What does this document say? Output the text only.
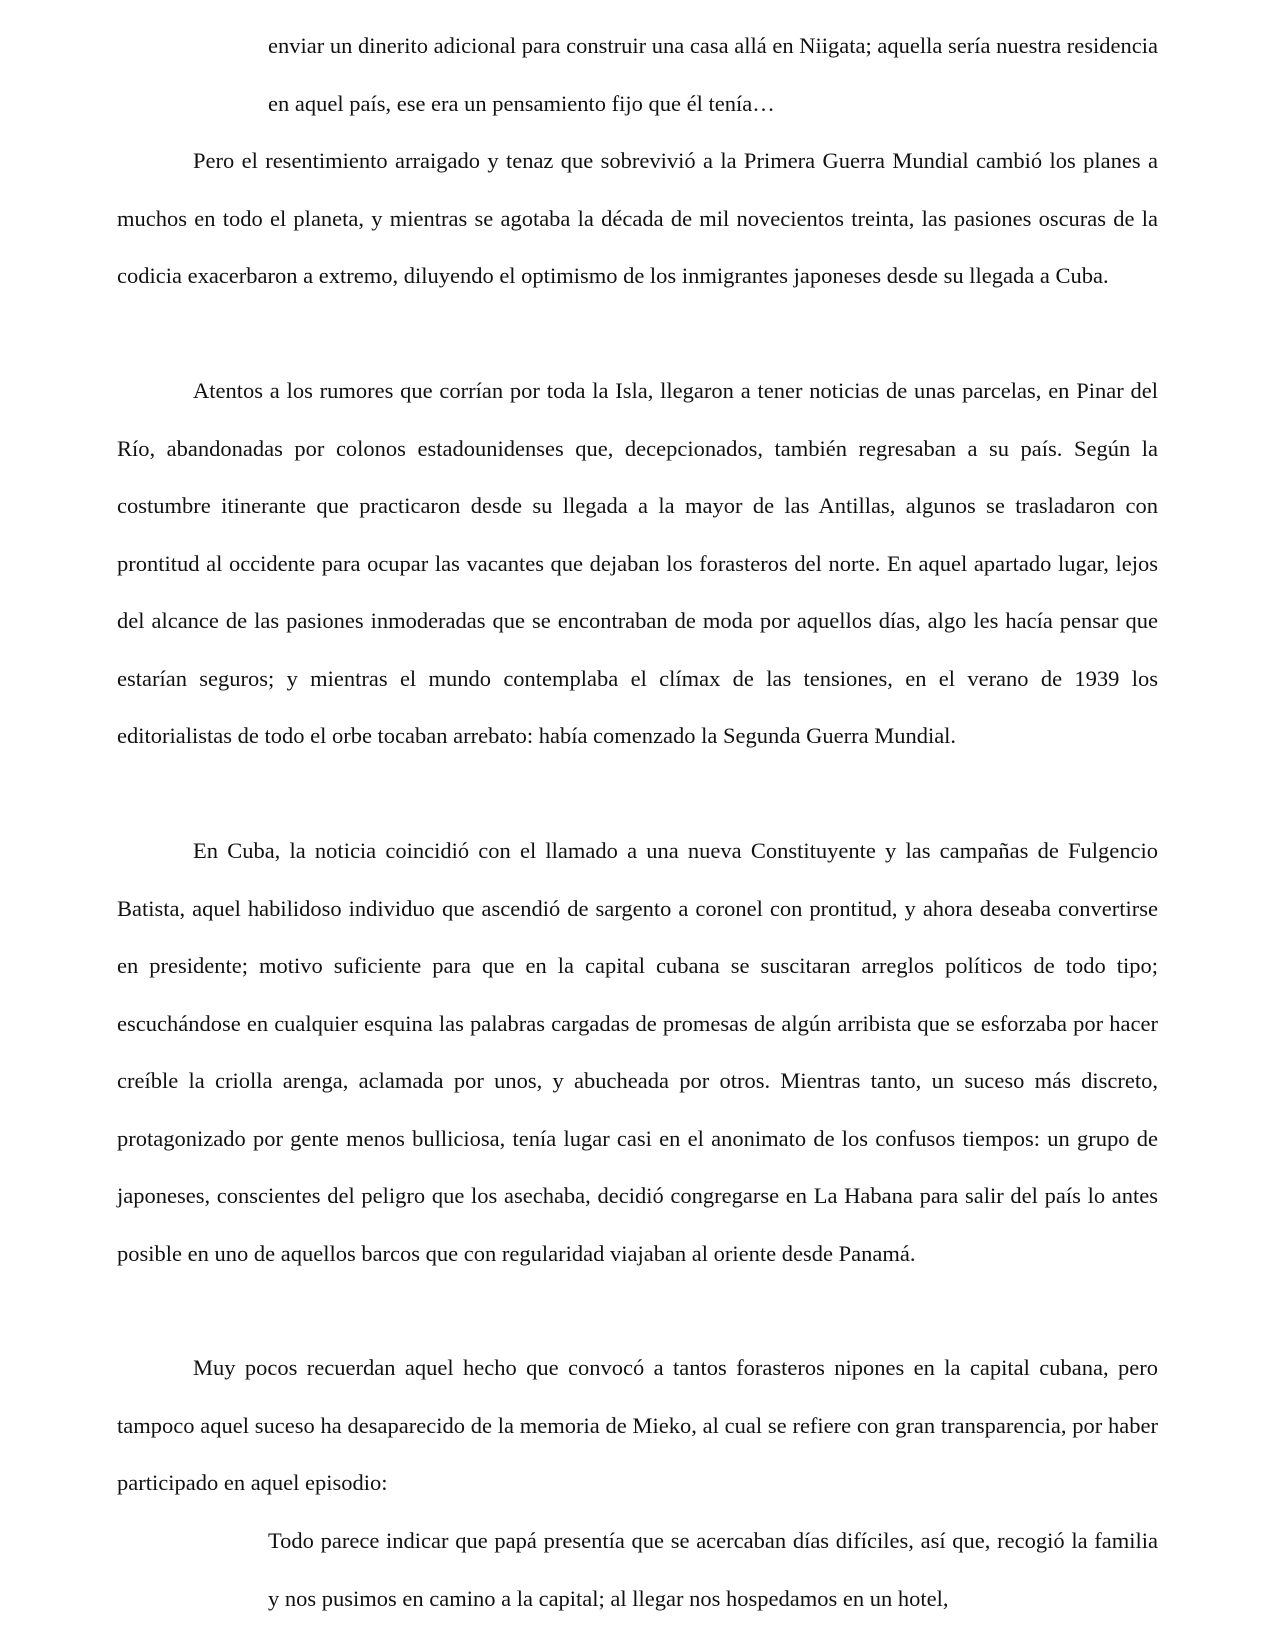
enviar un dinerito adicional para construir una casa allá en Niigata; aquella sería nuestra residencia en aquel país, ese era un pensamiento fijo que él tenía…

Pero el resentimiento arraigado y tenaz que sobrevivió a la Primera Guerra Mundial cambió los planes a muchos en todo el planeta, y mientras se agotaba la década de mil novecientos treinta, las pasiones oscuras de la codicia exacerbaron a extremo, diluyendo el optimismo de los inmigrantes japoneses desde su llegada a Cuba.

Atentos a los rumores que corrían por toda la Isla, llegaron a tener noticias de unas parcelas, en Pinar del Río, abandonadas por colonos estadounidenses que, decepcionados, también regresaban a su país. Según la costumbre itinerante que practicaron desde su llegada a la mayor de las Antillas, algunos se trasladaron con prontitud al occidente para ocupar las vacantes que dejaban los forasteros del norte. En aquel apartado lugar, lejos del alcance de las pasiones inmoderadas que se encontraban de moda por aquellos días, algo les hacía pensar que estarían seguros; y mientras el mundo contemplaba el clímax de las tensiones, en el verano de 1939 los editorialistas de todo el orbe tocaban arrebato: había comenzado la Segunda Guerra Mundial.

En Cuba, la noticia coincidió con el llamado a una nueva Constituyente y las campañas de Fulgencio Batista, aquel habilidoso individuo que ascendió de sargento a coronel con prontitud, y ahora deseaba convertirse en presidente; motivo suficiente para que en la capital cubana se suscitaran arreglos políticos de todo tipo; escuchándose en cualquier esquina las palabras cargadas de promesas de algún arribista que se esforzaba por hacer creíble la criolla arenga, aclamada por unos, y abucheada por otros. Mientras tanto, un suceso más discreto, protagonizado por gente menos bulliciosa, tenía lugar casi en el anonimato de los confusos tiempos: un grupo de japoneses, conscientes del peligro que los asechaba, decidió congregarse en La Habana para salir del país lo antes posible en uno de aquellos barcos que con regularidad viajaban al oriente desde Panamá.

Muy pocos recuerdan aquel hecho que convocó a tantos forasteros nipones en la capital cubana, pero tampoco aquel suceso ha desaparecido de la memoria de Mieko, al cual se refiere con gran transparencia, por haber participado en aquel episodio:

Todo parece indicar que papá presentía que se acercaban días difíciles, así que, recogió la familia y nos pusimos en camino a la capital; al llegar nos hospedamos en un hotel,
